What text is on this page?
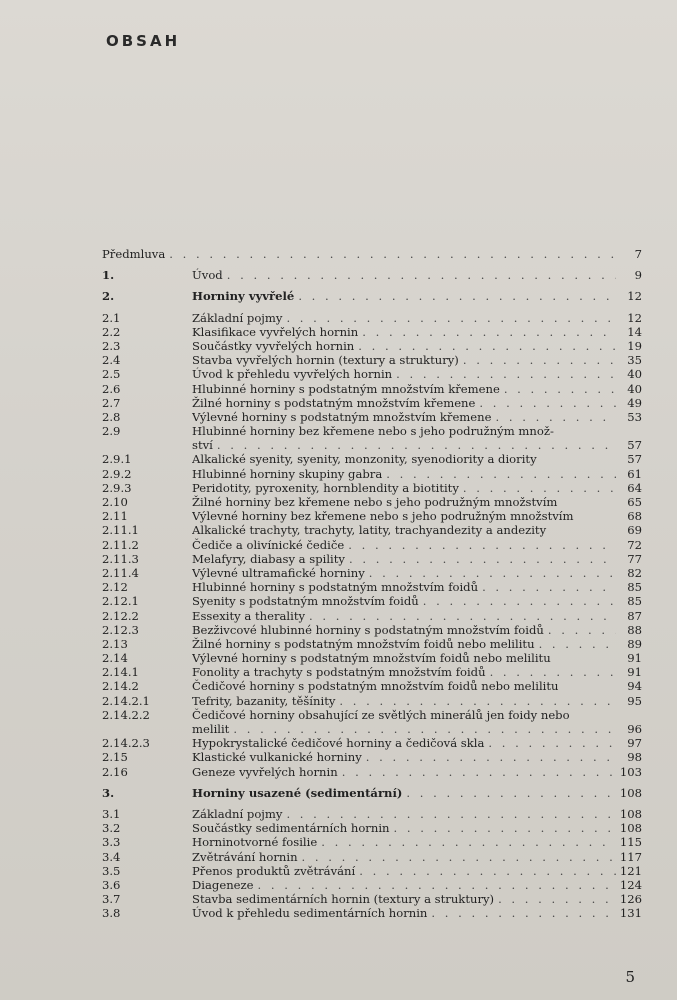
OBSAH
Předmluva . . .	7
1.	Úvod . . .	9
2.	Horniny vyvřelé . . .	12
2.1	Základní pojmy . . .	12
2.2	Klasifikace vyvřelých hornin . . .	14
2.3	Součástky vyvřelých hornin . . .	19
2.4	Stavba vyvřelých hornin (textury a struktury) . . .	35
2.5	Úvod k přehledu vyvřelých hornin . . .	40
2.6	Hlubinné horniny s podstatným množstvím křemene . . .	40
2.7	Žilné horniny s podstatným množstvím křemene . . .	49
2.8	Výlevné horniny s podstatným množstvím křemene . . .	53
2.9	Hlubinné horniny bez křemene nebo s jeho podružným množ-
ství . . .	57
2.9.1	Alkalické syenity, syenity, monzonity, syenodiority a diority	57
2.9.2	Hlubinné horniny skupiny gabra . . .	61
2.9.3	Peridotity, pyroxenity, hornblendity a biotitity . . .	64
2.10	Žilné horniny bez křemene nebo s jeho podružným množstvím	65
2.11	Výlevné horniny bez křemene nebo s jeho podružným množstvím	68
2.11.1	Alkalické trachyty, trachyty, latity, trachyandezity a andezity	69
2.11.2	Čediče a olivínické čediče . . .	72
2.11.3	Melafyry, diabasy a spility . . .	77
2.11.4	Výlevné ultramafické horniny . . .	82
2.12	Hlubinné horniny s podstatným množstvím foidů . . .	85
2.12.1	Syenity s podstatným množstvím foidů . . .	85
2.12.2	Essexity a therality . . .	87
2.12.3	Bezživcové hlubinné horniny s podstatným množstvím foidů . . .	88
2.13	Žilné horniny s podstatným množstvím foidů nebo melilitu . . .	89
2.14	Výlevné horniny s podstatným množstvím foidů nebo melilitu	91
2.14.1	Fonolity a trachyty s podstatným množstvím foidů . . .	91
2.14.2	Čedičové horniny s podstatným množstvím foidů nebo melilitu	94
2.14.2.1	Tefrity, bazanity, těšínity . . .	95
2.14.2.2	Čedičové horniny obsahující ze světlých minerálů jen foidy nebo
melilit . . .	96
2.14.2.3	Hypokrystalické čedičové horniny a čedičová skla . . .	97
2.15	Klastické vulkanické horniny . . .	98
2.16	Geneze vyvřelých hornin . . .	103
3.	Horniny usazené (sedimentární) . . .	108
3.1	Základní pojmy . . .	108
3.2	Součástky sedimentárních hornin . . .	108
3.3	Horninotvorné fosilie . . .	115
3.4	Zvětrávání hornin . . .	117
3.5	Přenos produktů zvětrávání . . .	121
3.6	Diageneze . . .	124
3.7	Stavba sedimentárních hornin (textury a struktury) . . .	126
3.8	Úvod k přehledu sedimentárních hornin . . .	131
5
